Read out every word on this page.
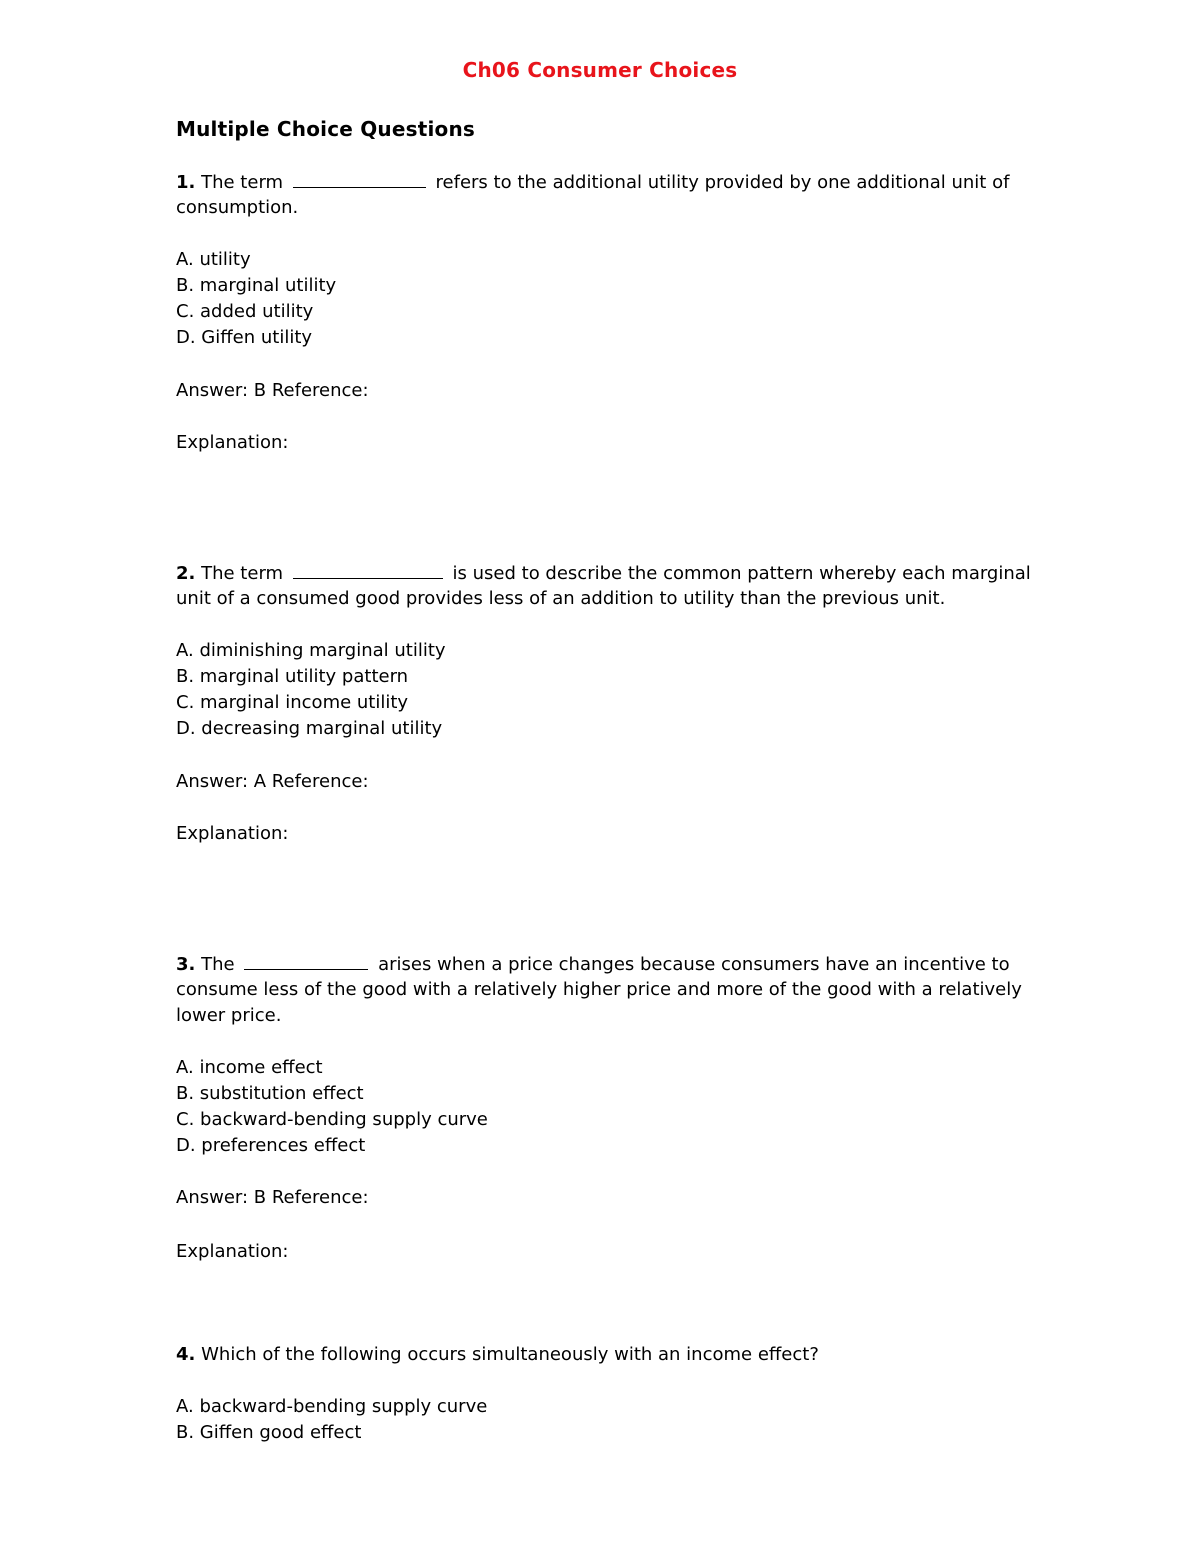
Ch06 Consumer Choices
Multiple Choice Questions
1. The term	refers to the additional utility provided by one additional unit of
consumption.
A. utility
B. marginal utility
C. added utility
D. Giffen utility
Answer: B Reference:
Explanation:
2. The term	is used to describe the common pattern whereby each marginal
unit of a consumed good provides less of an addition to utility than the previous unit.
A. diminishing marginal utility
B. marginal utility pattern
C. marginal income utility
D. decreasing marginal utility
Answer: A Reference:
Explanation:
3. The	arises when a price changes because consumers have an incentive to
consume less of the good with a relatively higher price and more of the good with a relatively
lower price.
A. income effect
B. substitution effect
C. backward-bending supply curve
D. preferences effect
Answer: B Reference:
Explanation:
4. Which of the following occurs simultaneously with an income effect?
A. backward-bending supply curve
B. Giffen good effect
